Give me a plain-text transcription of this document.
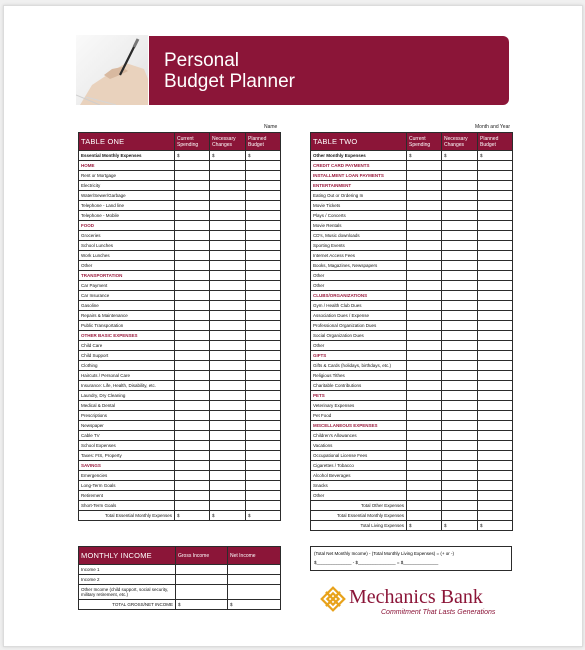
Personal
Budget Planner
Name	Month and Year
TABLE ONE	Current Spending	Necessary Changes	Planned Budget
Essential Monthly Expenses	$	$	$
HOME			
Rent or Mortgage			
Electricity			
Water/Sewer/Garbage			
Telephone - Land line			
Telephone - Mobile			
FOOD			
Groceries			
School Lunches			
Work Lunches			
Other			
TRANSPORTATION			
Car Payment			
Car Insurance			
Gasoline			
Repairs & Maintenance			
Public Transportation			
OTHER BASIC EXPENSES			
Child Care			
Child Support			
Clothing			
Haircuts / Personal Care			
Insurance: Life, Health, Disability, etc.			
Laundry, Dry Cleaning			
Medical & Dental			
Prescriptions			
Newspaper			
Cable TV			
School Expenses			
Taxes: FIS, Property			
SAVINGS			
Emergencies			
Long-Term Goals			
Retirement			
Short-Term Goals			
Total Essential Monthly Expenses	$	$	$
TABLE TWO	Current Spending	Necessary Changes	Planned Budget
Other Monthly Expenses	$	$	$
CREDIT CARD PAYMENTS			
INSTALLMENT LOAN PAYMENTS			
ENTERTAINMENT			
Eating Out or Ordering In			
Movie Tickets			
Plays / Concerts			
Movie Rentals			
CD's, Music downloads			
Sporting Events			
Internet Access Fees			
Books, Magazines, Newspapers			
Other			
Other			
CLUBS/ORGANIZATIONS			
Gym / Health Club Dues			
Association Dues / Expense			
Professional Organization Dues			
Social Organization Dues			
Other			
GIFTS			
Gifts & Cards (holidays, birthdays, etc.)			
Religious Tithes			
Charitable Contributions			
PETS			
Veterinary Expenses			
Pet Food			
MISCELLANEOUS EXPENSES			
Children's Allowances			
Vacations			
Occupational License Fees			
Cigarettes / Tobacco			
Alcohol Beverages			
Snacks			
Other			
Total Other Expenses			
Total Essential Monthly Expenses			
Total Living Expenses	$	$	$
MONTHLY INCOME	Gross Income	Net Income
Income 1		
Income 2		
Other Income (child support, social security, military retirement, etc.)		
TOTAL GROSS/NET INCOME	$	$
(Total Net Monthly Income) - (Total Monthly Living Expenses) = (+ or -)
$______________ - $_______________ = $______________
Mechanics Bank
Commitment That Lasts Generations
